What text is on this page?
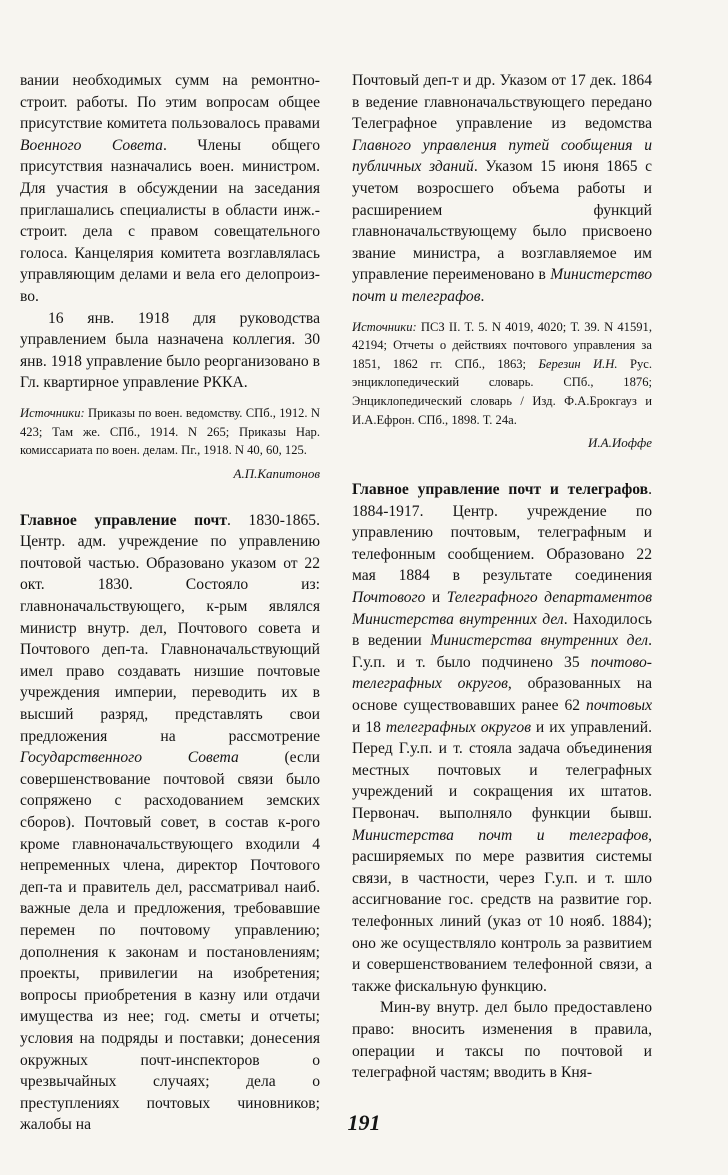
вании необходимых сумм на ремонтно-строит. работы. По этим вопросам общее присутствие комитета пользовалось правами Военного Совета. Члены общего присутствия назначались воен. министром. Для участия в обсуждении на заседания приглашались специалисты в области инж.-строит. дела с правом совещательного голоса. Канцелярия комитета возглавлялась управляющим делами и вела его делопроиз-во.

16 янв. 1918 для руководства управлением была назначена коллегия. 30 янв. 1918 управление было реорганизовано в Гл. квартирное управление РККА.

Источники: Приказы по воен. ведомству. СПб., 1912. N 423; Там же. СПб., 1914. N 265; Приказы Нар. комиссариата по воен. делам. Пг., 1918. N 40, 60, 125.

А.П.Капитонов

Главное управление почт. 1830-1865. Центр. адм. учреждение по управлению почтовой частью. Образовано указом от 22 окт. 1830. Состояло из: главноначальствующего, к-рым являлся министр внутр. дел, Почтового совета и Почтового деп-та. Главноначальствующий имел право создавать низшие почтовые учреждения империи, переводить их в высший разряд, представлять свои предложения на рассмотрение Государственного Совета (если совершенствование почтовой связи было сопряжено с расходованием земских сборов). Почтовый совет, в состав к-рого кроме главноначальствующего входили 4 непременных члена, директор Почтового деп-та и правитель дел, рассматривал наиб. важные дела и предложения, требовавшие перемен по почтовому управлению; дополнения к законам и постановлениям; проекты, привилегии на изобретения; вопросы приобретения в казну или отдачи имущества из нее; год. сметы и отчеты; условия на подряды и поставки; донесения окружных почт-инспекторов о чрезвычайных случаях; дела о преступлениях почтовых чиновников; жалобы на

Почтовый деп-т и др. Указом от 17 дек. 1864 в ведение главноначальствующего передано Телеграфное управление из ведомства Главного управления путей сообщения и публичных зданий. Указом 15 июня 1865 с учетом возросшего объема работы и расширением функций главноначальствующему было присвоено звание министра, а возглавляемое им управление переименовано в Министерство почт и телеграфов.

Источники: ПСЗ II. Т. 5. N 4019, 4020; Т. 39. N 41591, 42194; Отчеты о действиях почтового управления за 1851, 1862 гг. СПб., 1863; Березин И.Н. Рус. энциклопедический словарь. СПб., 1876; Энциклопедический словарь / Изд. Ф.А.Брокгауз и И.А.Ефрон. СПб., 1898. Т. 24а.

И.А.Иоффе

Главное управление почт и телеграфов. 1884-1917. Центр. учреждение по управлению почтовым, телеграфным и телефонным сообщением. Образовано 22 мая 1884 в результате соединения Почтового и Телеграфного департаментов Министерства внутренних дел. Находилось в ведении Министерства внутренних дел. Г.у.п. и т. было подчинено 35 почтово-телеграфных округов, образованных на основе существовавших ранее 62 почтовых и 18 телеграфных округов и их управлений. Перед Г.у.п. и т. стояла задача объединения местных почтовых и телеграфных учреждений и сокращения их штатов. Первонач. выполняло функции бывш. Министерства почт и телеграфов, расширяемых по мере развития системы связи, в частности, через Г.у.п. и т. шло ассигнование гос. средств на развитие гор. телефонных линий (указ от 10 нояб. 1884); оно же осуществляло контроль за развитием и совершенствованием телефонной связи, а также фискальную функцию.

Мин-ву внутр. дел было предоставлено право: вносить изменения в правила, операции и таксы по почтовой и телеграфной частям; вводить в Кня-

191
